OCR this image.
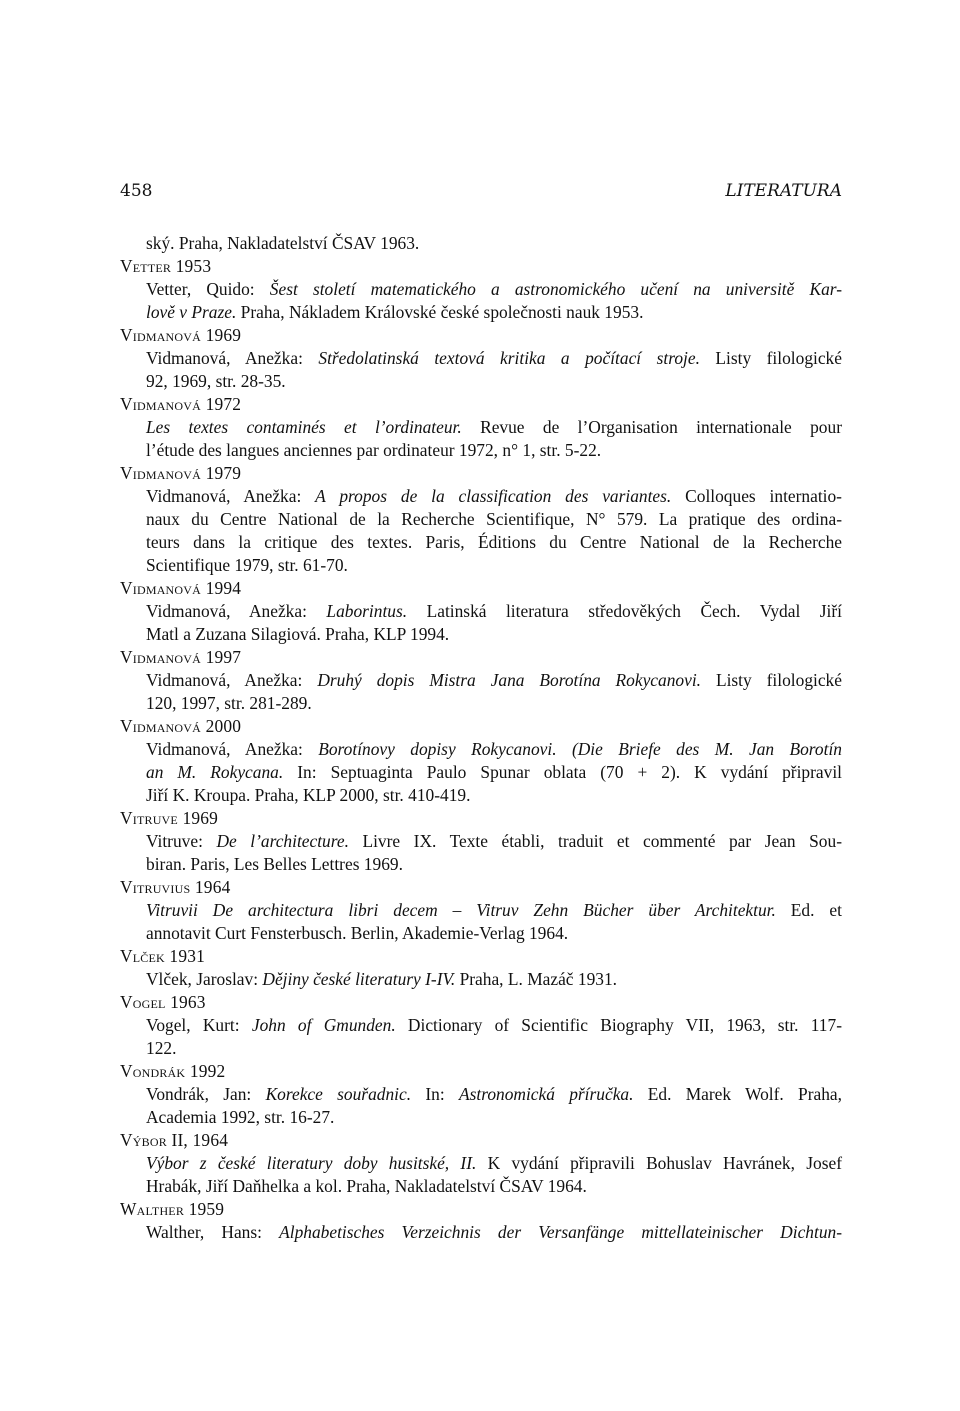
458	LITERATURA
ský. Praha, Nakladatelství ČSAV 1963.
Vetter 1953
Vetter, Quido: Šest století matematického a astronomického učení na universitě Kar-
lově v Praze. Praha, Nákladem Královské české společnosti nauk 1953.
Vidmanová 1969
Vidmanová, Anežka: Středolatinská textová kritika a počítací stroje. Listy filologické
92, 1969, str. 28-35.
Vidmanová 1972
Les textes contaminés et l’ordinateur. Revue de l’Organisation internationale pour
l’étude des langues anciennes par ordinateur 1972, n° 1, str. 5-22.
Vidmanová 1979
Vidmanová, Anežka: A propos de la classification des variantes. Colloques internatio-
naux du Centre National de la Recherche Scientifique, N° 579. La pratique des ordina-
teurs dans la critique des textes. Paris, Éditions du Centre National de la Recherche
Scientifique 1979, str. 61-70.
Vidmanová 1994
Vidmanová, Anežka: Laborintus. Latinská literatura středověkých Čech. Vydal Jiří
Matl a Zuzana Silagiová. Praha, KLP 1994.
Vidmanová 1997
Vidmanová, Anežka: Druhý dopis Mistra Jana Borotína Rokycanovi. Listy filologické
120, 1997, str. 281-289.
Vidmanová 2000
Vidmanová, Anežka: Borotínovy dopisy Rokycanovi. (Die Briefe des M. Jan Borotín
an M. Rokycana. In: Septuaginta Paulo Spunar oblata (70 + 2). K vydání připravil
Jiří K. Kroupa. Praha, KLP 2000, str. 410-419.
Vitruve 1969
Vitruve: De l’architecture. Livre IX. Texte établi, traduit et commenté par Jean Sou-
biran. Paris, Les Belles Lettres 1969.
Vitruvius 1964
Vitruvii De architectura libri decem – Vitruv Zehn Bücher über Architektur. Ed. et
annotavit Curt Fensterbusch. Berlin, Akademie-Verlag 1964.
Vlček 1931
Vlček, Jaroslav: Dějiny české literatury I-IV. Praha, L. Mazáč 1931.
Vogel 1963
Vogel, Kurt: John of Gmunden. Dictionary of Scientific Biography VII, 1963, str. 117-
122.
Vondrák 1992
Vondrák, Jan: Korekce souřadnic. In: Astronomická příručka. Ed. Marek Wolf. Praha,
Academia 1992, str. 16-27.
Výbor II, 1964
Výbor z české literatury doby husitské, II. K vydání připravili Bohuslav Havránek, Josef
Hrabák, Jiří Daňhelka a kol. Praha, Nakladatelství ČSAV 1964.
Walther 1959
Walther, Hans: Alphabetisches Verzeichnis der Versanfänge mittellateinischer Dichtun-
